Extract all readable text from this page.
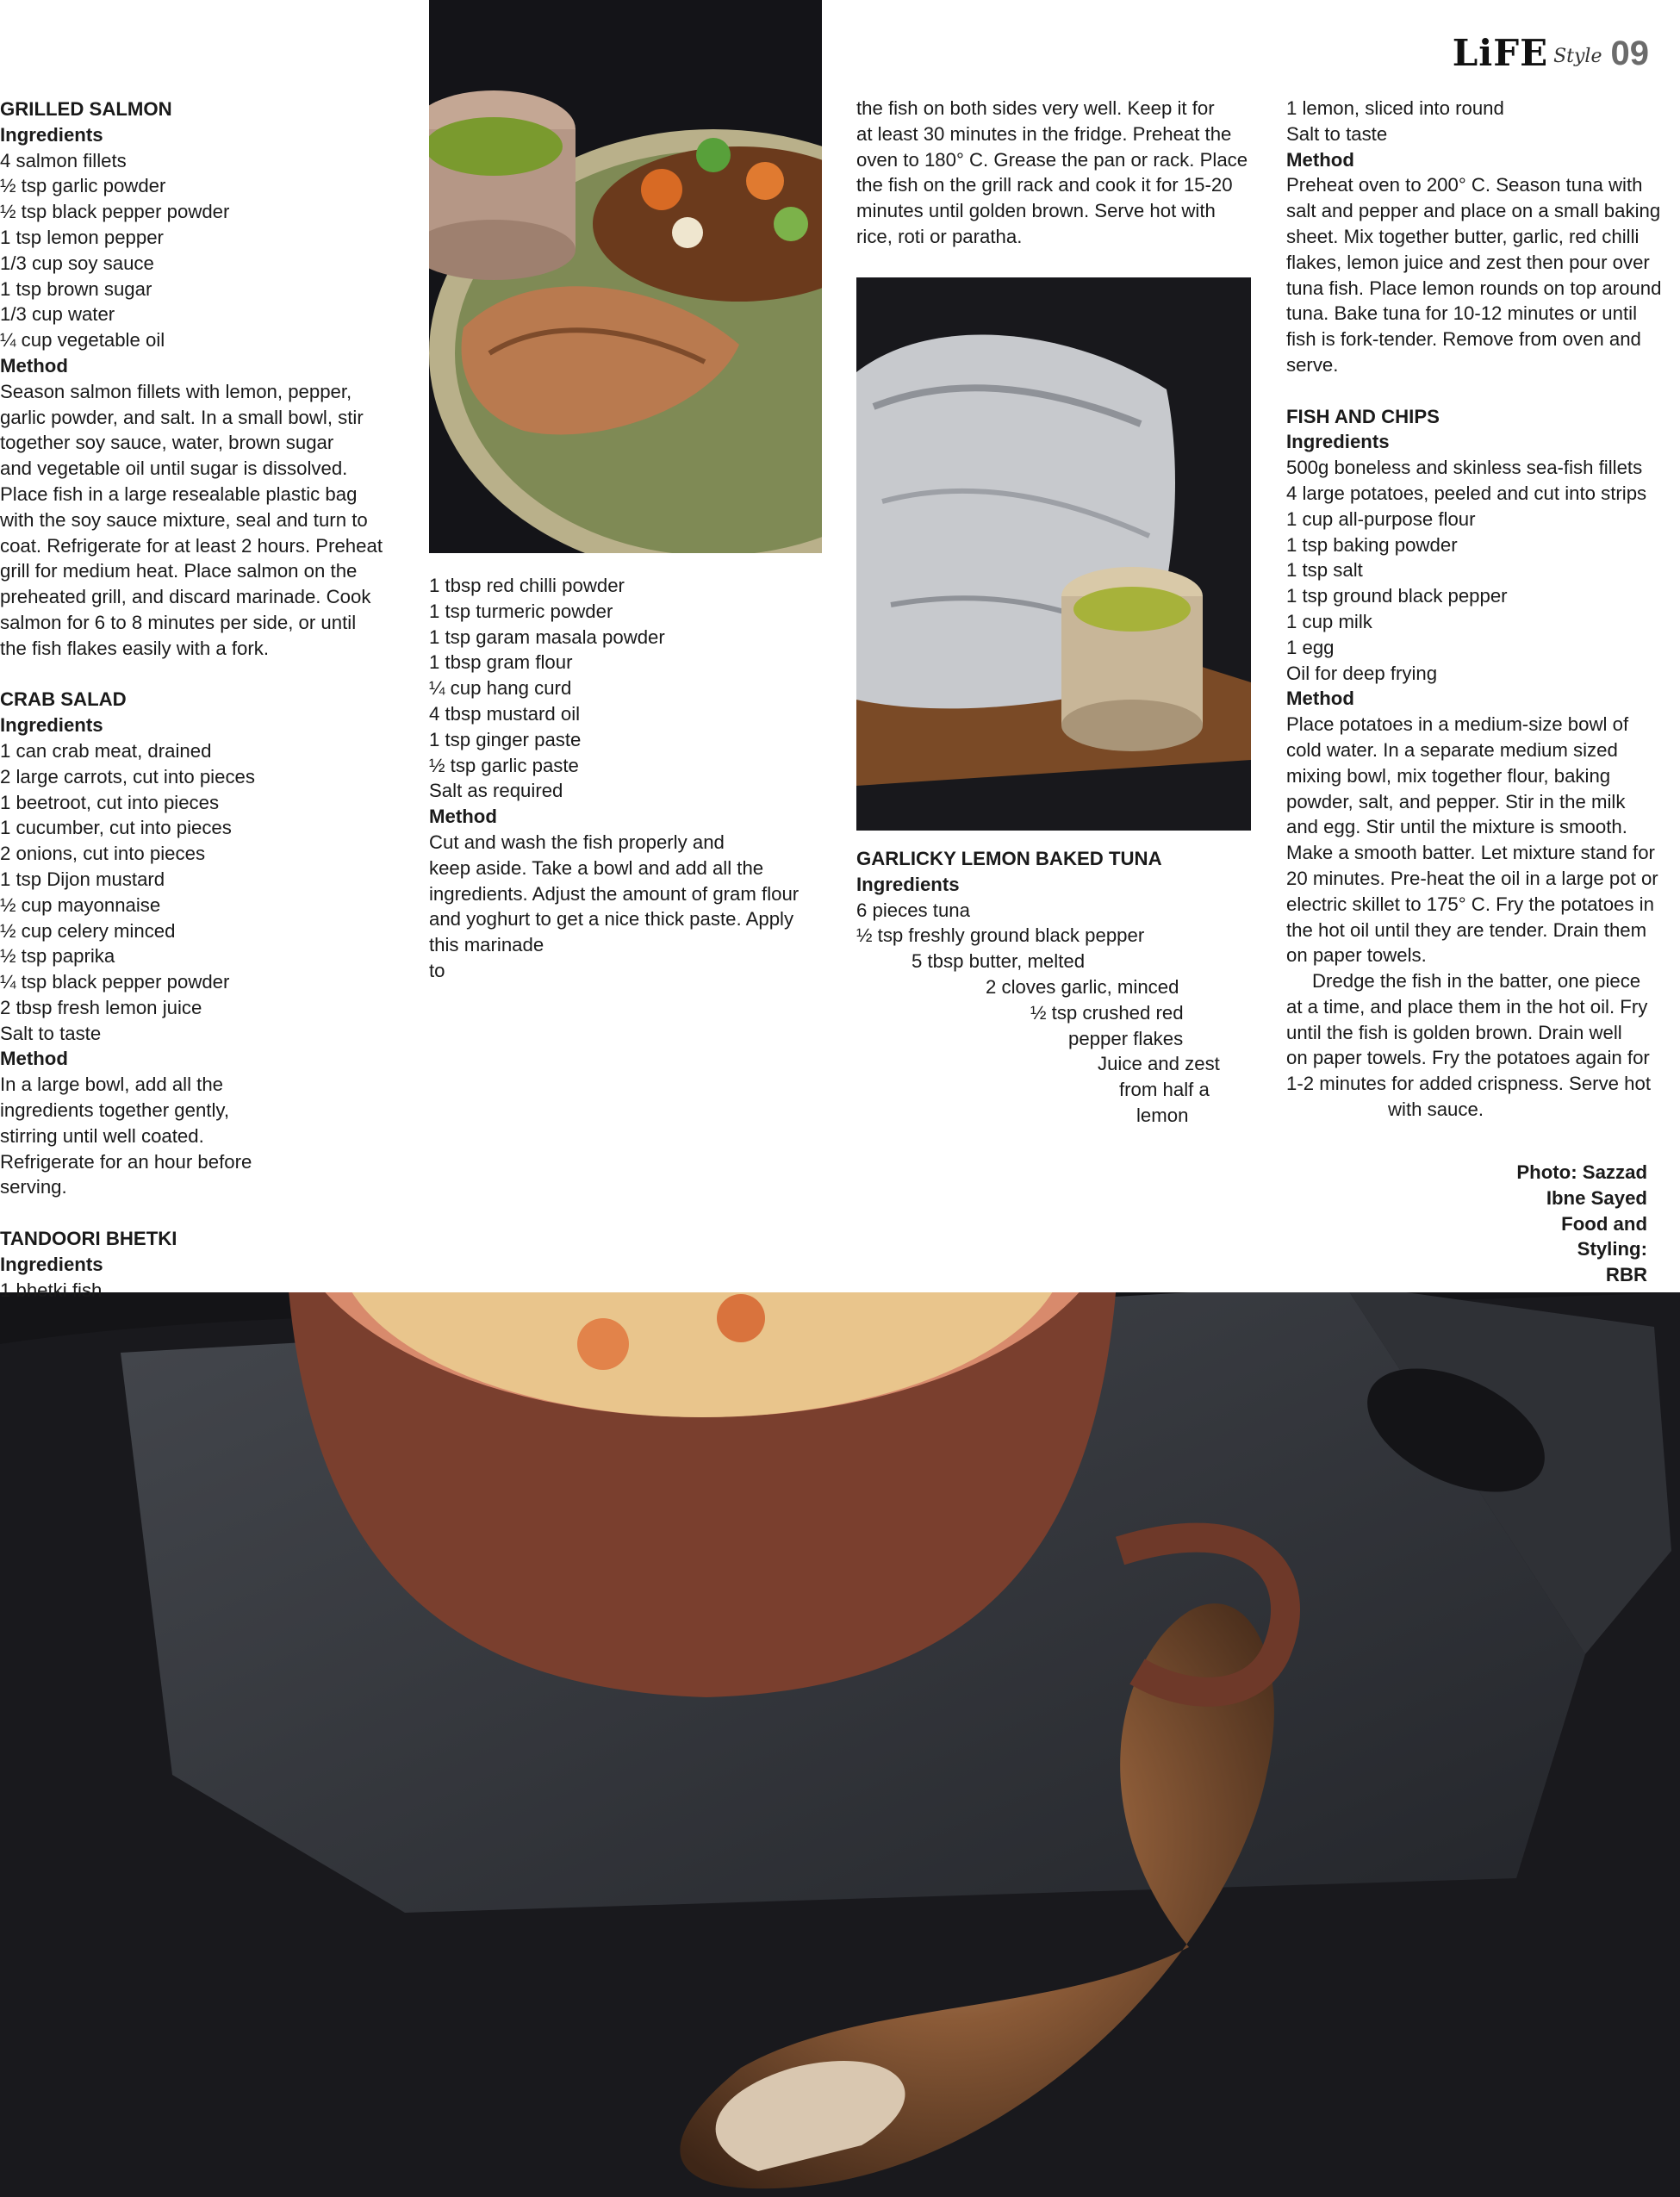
LiFE Style 09
GRILLED SALMON
Ingredients
4 salmon fillets
½ tsp garlic powder
½ tsp black pepper powder
1 tsp lemon pepper
1/3 cup soy sauce
1 tsp brown sugar
1/3 cup water
¼ cup vegetable oil
Method
Season salmon fillets with lemon, pepper,
garlic powder, and salt. In a small bowl, stir
together soy sauce, water, brown sugar
and vegetable oil until sugar is dissolved.
Place fish in a large resealable plastic bag
with the soy sauce mixture, seal and turn to
coat. Refrigerate for at least 2 hours. Preheat
grill for medium heat. Place salmon on the
preheated grill, and discard marinade. Cook
salmon for 6 to 8 minutes per side, or until
the fish flakes easily with a fork.
CRAB SALAD
Ingredients
1 can crab meat, drained
2 large carrots, cut into pieces
1 beetroot, cut into pieces
1 cucumber, cut into pieces
2 onions, cut into pieces
1 tsp Dijon mustard
½ cup mayonnaise
½ cup celery minced
½ tsp paprika
¼ tsp black pepper powder
2 tbsp fresh lemon juice
Salt to taste
Method
In a large bowl, add all the
ingredients together gently,
stirring until well coated.
Refrigerate for an hour before
serving.
TANDOORI BHETKI
Ingredients
1 bhetki fish
1 tbsp red chilli powder
1 tsp turmeric powder
1 tsp garam masala powder
1 tbsp gram flour
¼ cup hang curd
4 tbsp mustard oil
1 tsp ginger paste
½ tsp garlic paste
Salt as required
Method
Cut and wash the fish properly and
keep aside. Take a bowl and add all the
ingredients. Adjust the amount of gram flour
and yoghurt to get a nice thick paste. Apply
this marinade
to
the fish on both sides very well. Keep it for
at least 30 minutes in the fridge. Preheat the
oven to 180° C. Grease the pan or rack. Place
the fish on the grill rack and cook it for 15-20
minutes until golden brown. Serve hot with
rice, roti or paratha.
GARLICKY LEMON BAKED TUNA
Ingredients
6 pieces tuna
½ tsp freshly ground black pepper
5 tbsp butter, melted
2 cloves garlic, minced
½ tsp crushed red
pepper flakes
Juice and zest
from half a
lemon
1 lemon, sliced into round
Salt to taste
Method
Preheat oven to 200° C. Season tuna with
salt and pepper and place on a small baking
sheet. Mix together butter, garlic, red chilli
flakes, lemon juice and zest then pour over
tuna fish. Place lemon rounds on top around
tuna. Bake tuna for 10-12 minutes or until
fish is fork-tender. Remove from oven and
serve.
FISH AND CHIPS
Ingredients
500g boneless and skinless sea-fish fillets
4 large potatoes, peeled and cut into strips
1 cup all-purpose flour
1 tsp baking powder
1 tsp salt
1 tsp ground black pepper
1 cup milk
1 egg
Oil for deep frying
Method
Place potatoes in a medium-size bowl of
cold water. In a separate medium sized
mixing bowl, mix together flour, baking
powder, salt, and pepper. Stir in the milk
and egg. Stir until the mixture is smooth.
Make a smooth batter. Let mixture stand for
20 minutes. Pre-heat the oil in a large pot or
electric skillet to 175° C. Fry the potatoes in
the hot oil until they are tender. Drain them
on paper towels.
Dredge the fish in the batter, one piece
at a time, and place them in the hot oil. Fry
until the fish is golden brown. Drain well
on paper towels. Fry the potatoes again for
1-2 minutes for added crispness. Serve hot
with sauce.
Photo: Sazzad
Ibne Sayed
Food and
Styling:
RBR
